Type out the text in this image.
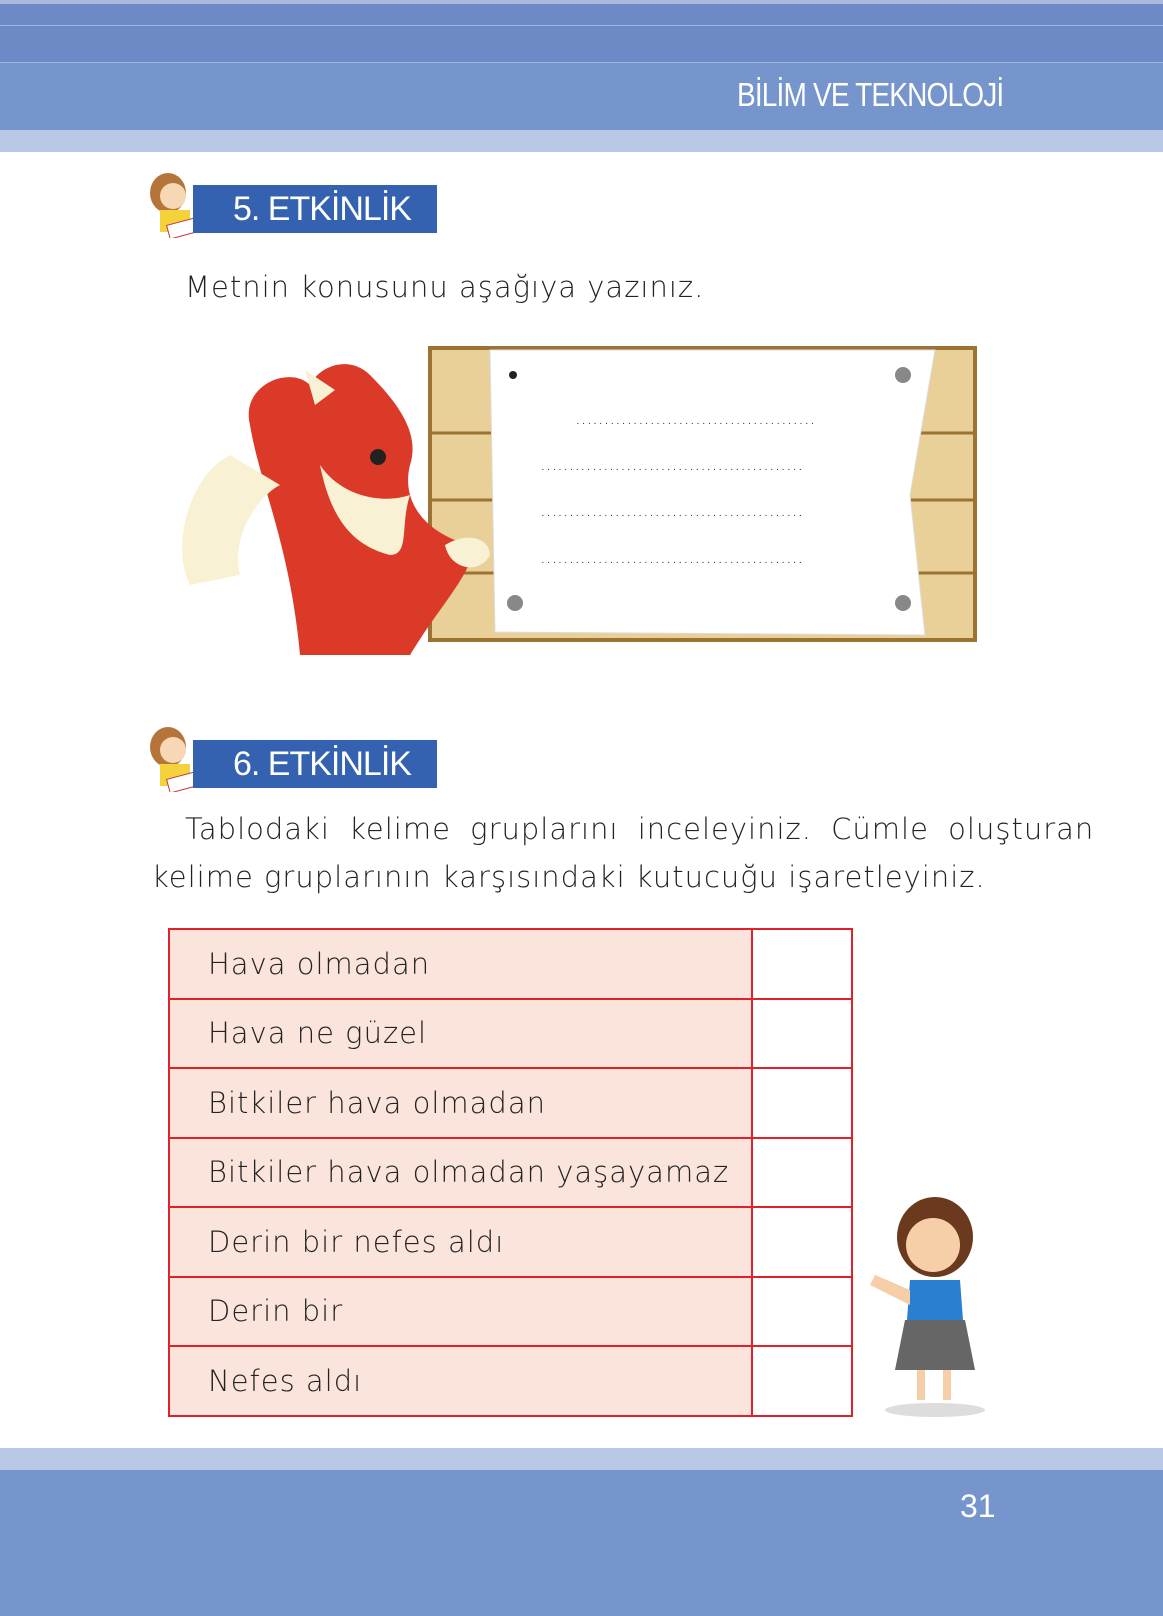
BİLİM VE TEKNOLOJİ
5. ETKİNLİK
Metnin konusunu aşağıya yazınız.
..........................................
..............................................
..............................................
..............................................
6. ETKİNLİK
Tablodaki kelime gruplarını inceleyiniz. Cümle oluşturan
kelime gruplarının karşısındaki kutucuğu işaretleyiniz.
Hava olmadan	
Hava ne güzel	
Bitkiler hava olmadan	
Bitkiler hava olmadan yaşayamaz	
Derin bir nefes aldı	
Derin bir	
Nefes aldı	
31
